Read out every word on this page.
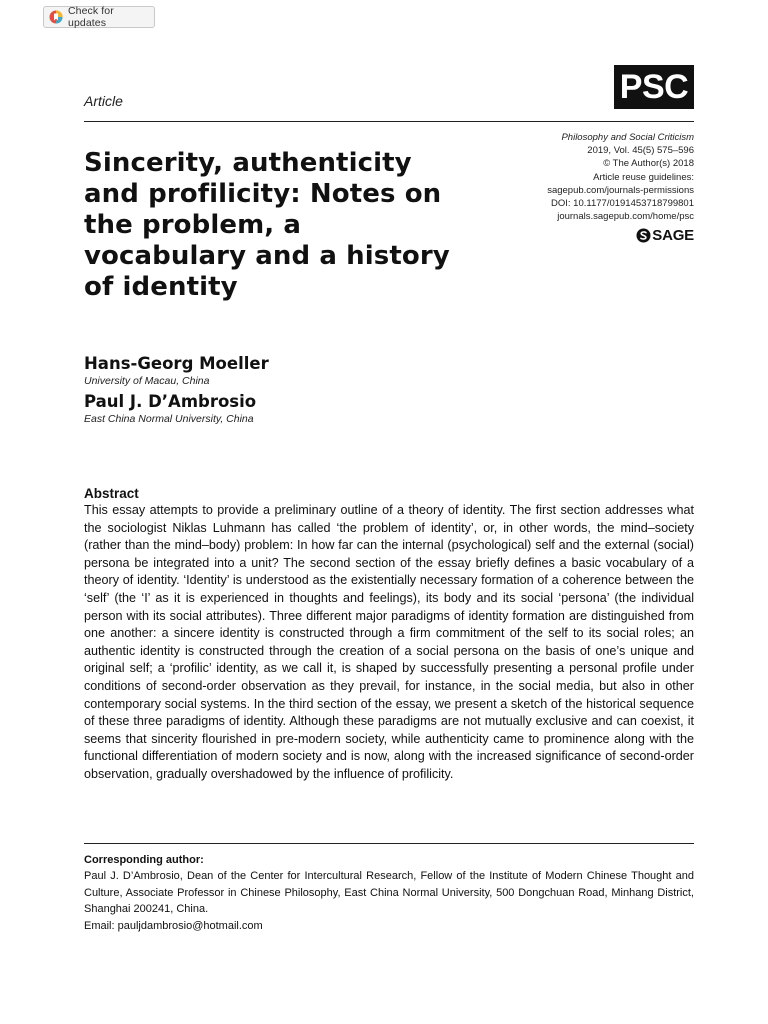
Check for updates
PSC
Article
Philosophy and Social Criticism
2019, Vol. 45(5) 575–596
© The Author(s) 2018
Article reuse guidelines:
sagepub.com/journals-permissions
DOI: 10.1177/0191453718799801
journals.sagepub.com/home/psc
SAGE
Sincerity, authenticity and profilicity: Notes on the problem, a vocabulary and a history of identity
Hans-Georg Moeller
University of Macau, China
Paul J. D’Ambrosio
East China Normal University, China
Abstract

This essay attempts to provide a preliminary outline of a theory of identity. The first section addresses what the sociologist Niklas Luhmann has called ‘the problem of identity’, or, in other words, the mind–society (rather than the mind–body) problem: In how far can the internal (psychological) self and the external (social) persona be integrated into a unit? The second section of the essay briefly defines a basic vocabulary of a theory of identity. ‘Identity’ is understood as the existentially necessary formation of a coherence between the ‘self’ (the ‘I’ as it is experienced in thoughts and feelings), its body and its social ‘persona’ (the individual person with its social attributes). Three different major paradigms of identity formation are distinguished from one another: a sincere identity is constructed through a firm commitment of the self to its social roles; an authentic identity is constructed through the creation of a social persona on the basis of one’s unique and original self; a ‘profilic’ identity, as we call it, is shaped by successfully presenting a personal profile under conditions of second-order observation as they prevail, for instance, in the social media, but also in other contemporary social systems. In the third section of the essay, we present a sketch of the historical sequence of these three paradigms of identity. Although these paradigms are not mutually exclusive and can coexist, it seems that sincerity flourished in pre-modern society, while authenticity came to prominence along with the functional differentiation of modern society and is now, along with the increased significance of second-order observation, gradually overshadowed by the influence of profilicity.

Corresponding author:

Paul J. D’Ambrosio, Dean of the Center for Intercultural Research, Fellow of the Institute of Modern Chinese Thought and Culture, Associate Professor in Chinese Philosophy, East China Normal University, 500 Dongchuan Road, Minhang District, Shanghai 200241, China.

Email: pauljdambrosio@hotmail.com
